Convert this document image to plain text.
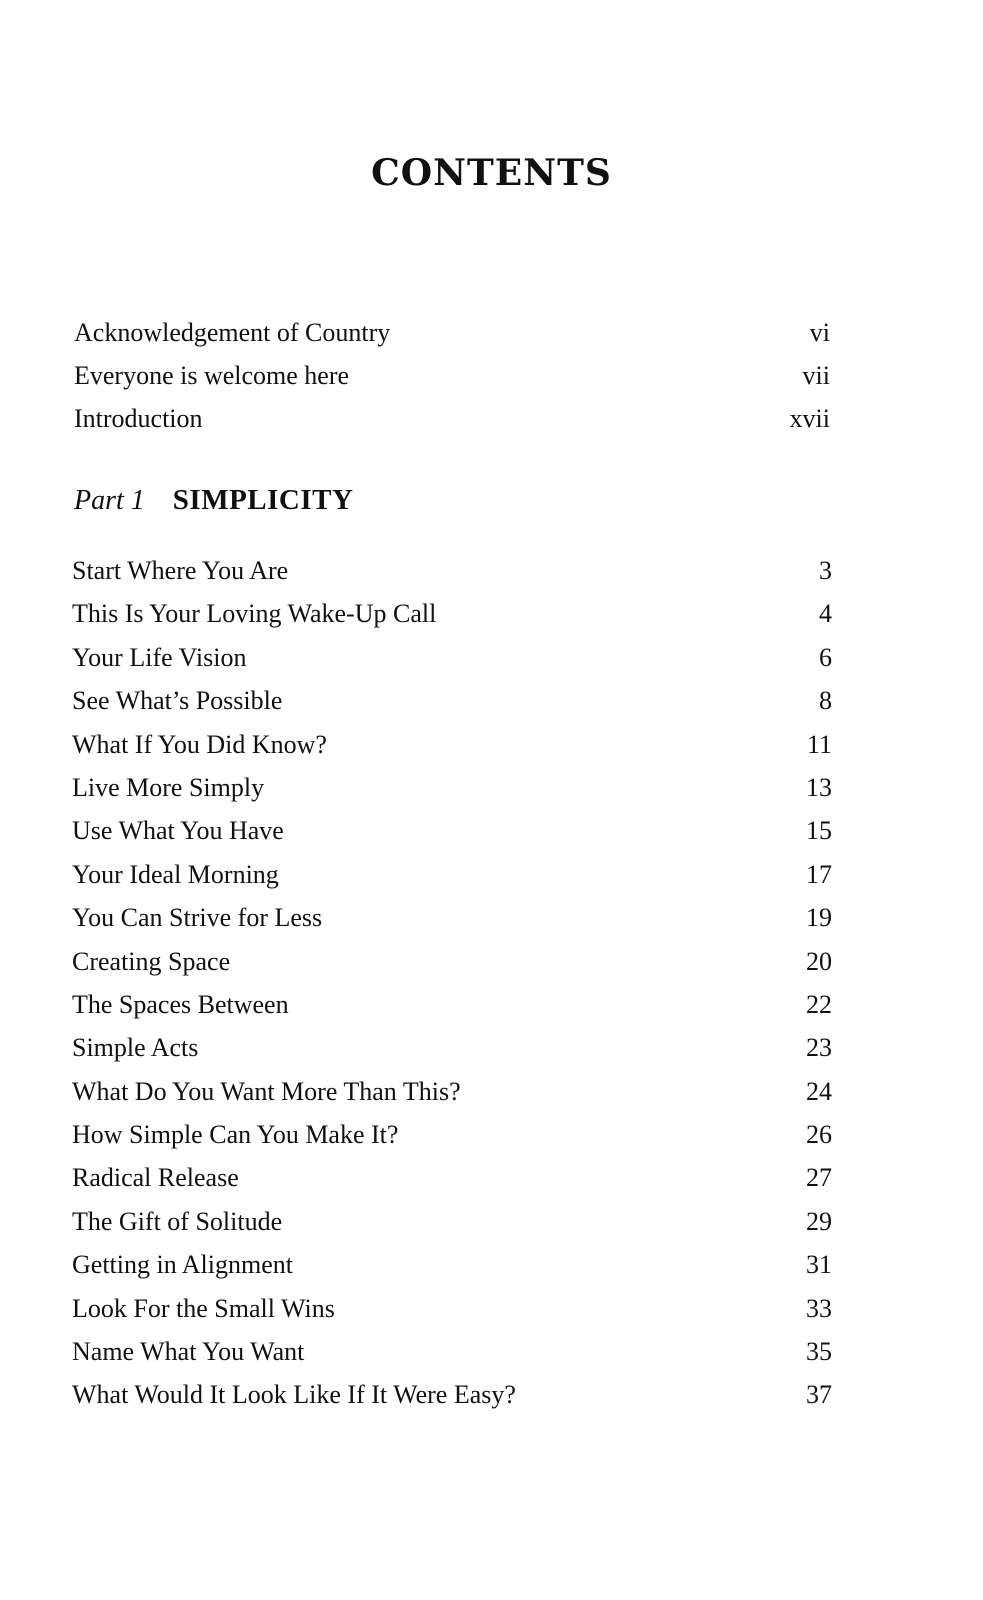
CONTENTS
Acknowledgement of Country	vi
Everyone is welcome here	vii
Introduction	xvii
Part 1 SIMPLICITY
Start Where You Are	3
This Is Your Loving Wake-Up Call	4
Your Life Vision	6
See What’s Possible	8
What If You Did Know?	11
Live More Simply	13
Use What You Have	15
Your Ideal Morning	17
You Can Strive for Less	19
Creating Space	20
The Spaces Between	22
Simple Acts	23
What Do You Want More Than This?	24
How Simple Can You Make It?	26
Radical Release	27
The Gift of Solitude	29
Getting in Alignment	31
Look For the Small Wins	33
Name What You Want	35
What Would It Look Like If It Were Easy?	37
